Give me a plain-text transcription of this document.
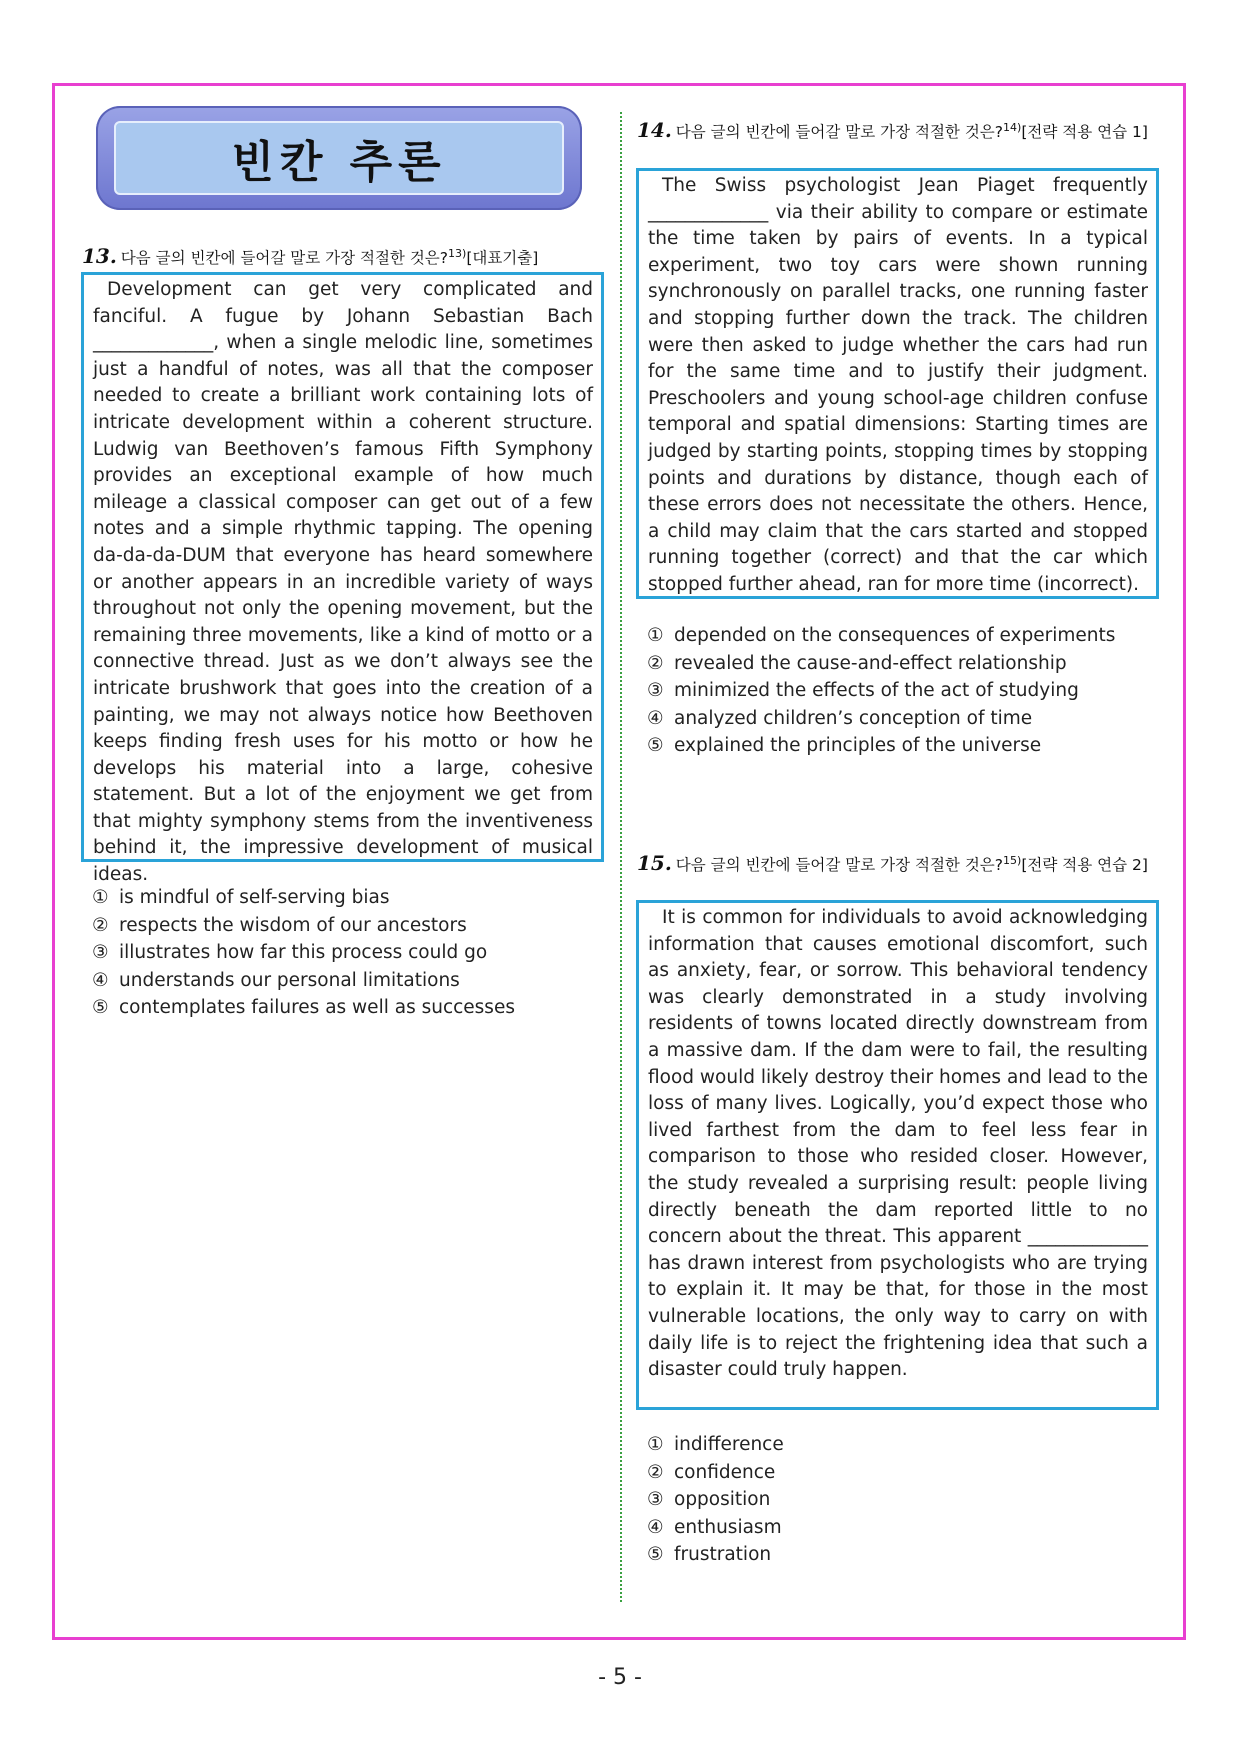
빈칸 추론
13. 다음 글의 빈칸에 들어갈 말로 가장 적절한 것은?$^{13)}$[대표기출]

Development can get very complicated and fanciful. A fugue by Johann Sebastian Bach _____________, when a single melodic line, sometimes just a handful of notes, was all that the composer needed to create a brilliant work containing lots of intricate development within a coherent structure. Ludwig van Beethoven’s famous Fifth Symphony provides an exceptional example of how much mileage a classical composer can get out of a few notes and a simple rhythmic tapping. The opening da-da-da-DUM that everyone has heard somewhere or another appears in an incredible variety of ways throughout not only the opening movement, but the remaining three movements, like a kind of motto or a connective thread. Just as we don’t always see the intricate brushwork that goes into the creation of a painting, we may not always notice how Beethoven keeps finding fresh uses for his motto or how he develops his material into a large, cohesive statement. But a lot of the enjoyment we get from that mighty symphony stems from the inventiveness behind it, the impressive development of musical ideas.

① is mindful of self-serving bias
② respects the wisdom of our ancestors
③ illustrates how far this process could go
④ understands our personal limitations
⑤ contemplates failures as well as successes
14. 다음 글의 빈칸에 들어갈 말로 가장 적절한 것은?$^{14)}$[전략 적용 연습 1]

The Swiss psychologist Jean Piaget frequently _____________ via their ability to compare or estimate the time taken by pairs of events. In a typical experiment, two toy cars were shown running synchronously on parallel tracks, one running faster and stopping further down the track. The children were then asked to judge whether the cars had run for the same time and to justify their judgment. Preschoolers and young school-age children confuse temporal and spatial dimensions: Starting times are judged by starting points, stopping times by stopping points and durations by distance, though each of these errors does not necessitate the others. Hence, a child may claim that the cars started and stopped running together (correct) and that the car which stopped further ahead, ran for more time (incorrect).

① depended on the consequences of experiments
② revealed the cause-and-effect relationship
③ minimized the effects of the act of studying
④ analyzed children’s conception of time
⑤ explained the principles of the universe
15. 다음 글의 빈칸에 들어갈 말로 가장 적절한 것은?$^{15)}$[전략 적용 연습 2]

It is common for individuals to avoid acknowledging information that causes emotional discomfort, such as anxiety, fear, or sorrow. This behavioral tendency was clearly demonstrated in a study involving residents of towns located directly downstream from a massive dam. If the dam were to fail, the resulting flood would likely destroy their homes and lead to the loss of many lives. Logically, you’d expect those who lived farthest from the dam to feel less fear in comparison to those who resided closer. However, the study revealed a surprising result: people living directly beneath the dam reported little to no concern about the threat. This apparent _____________ has drawn interest from psychologists who are trying to explain it. It may be that, for those in the most vulnerable locations, the only way to carry on with daily life is to reject the frightening idea that such a disaster could truly happen.

① indifference
② confidence
③ opposition
④ enthusiasm
⑤ frustration
- 5 -
